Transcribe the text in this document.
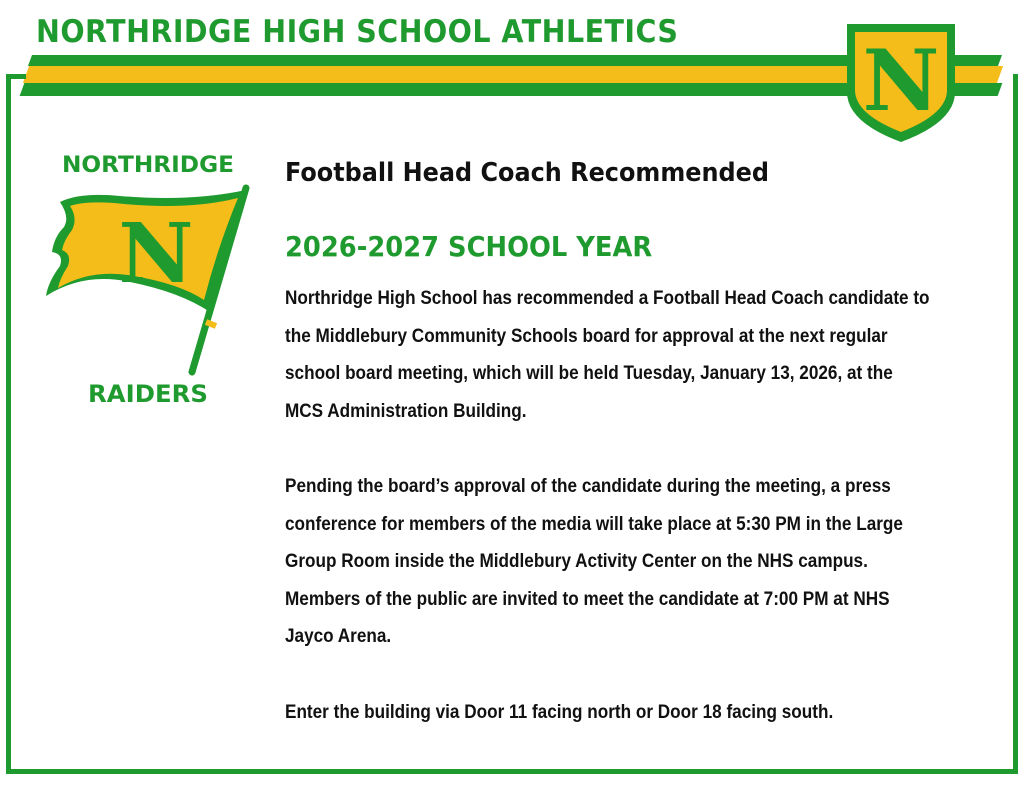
NORTHRIDGE HIGH SCHOOL ATHLETICS N
NORTHRIDGE
N
RAIDERS
Football Head Coach Recommended
2026-2027 SCHOOL YEAR

Northridge High School has recommended a Football Head Coach candidate to

the Middlebury Community Schools board for approval at the next regular

school board meeting, which will be held Tuesday, January 13, 2026, at the

MCS Administration Building.

Pending the board’s approval of the candidate during the meeting, a press

conference for members of the media will take place at 5:30 PM in the Large

Group Room inside the Middlebury Activity Center on the NHS campus.

Members of the public are invited to meet the candidate at 7:00 PM at NHS

Jayco Arena.

Enter the building via Door 11 facing north or Door 18 facing south.
